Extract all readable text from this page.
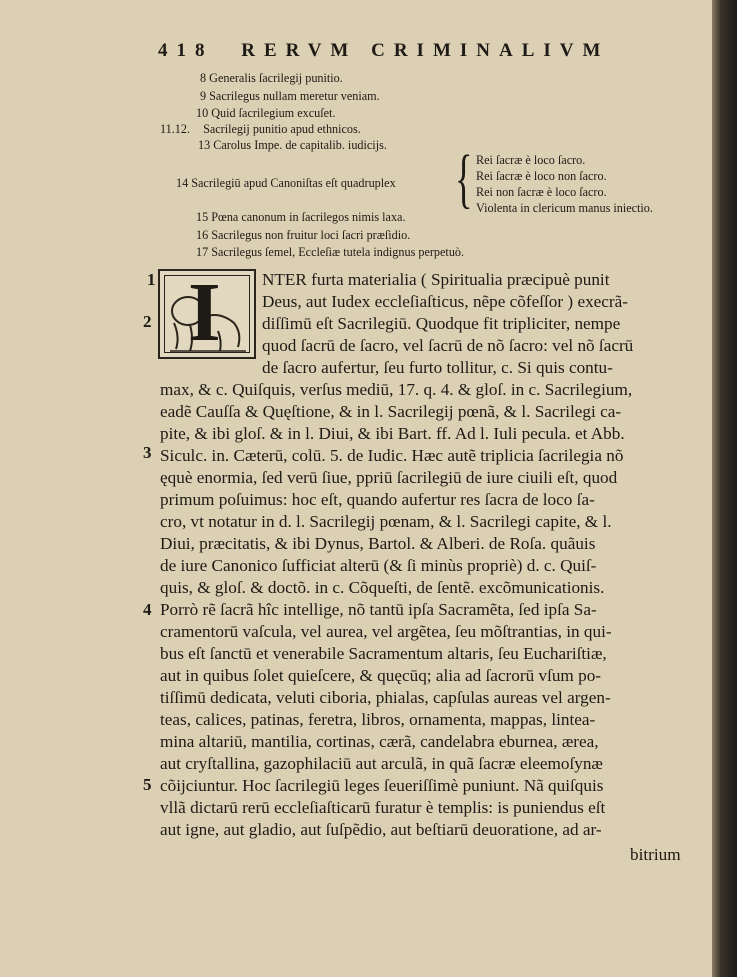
418 RERVM CRIMINALIVM
8 Generalis ſacrilegij punitio.
9 Sacrilegus nullam meretur veniam.
10 Quid ſacrilegium excuſet.
11.12. Sacrilegij punitio apud ethnicos.
13 Carolus Impe. de capitalib. iudicijs.
14 Sacrilegiū apud Canoniſtas eſt quadruplex { Rei ſacræ è loco ſacro.
Rei ſacræ è loco non ſacro.
Rei non ſacræ è loco ſacro.
Violenta in clericum manus iniectio.
15 Pœna canonum in ſacrilegos nimis laxa.
16 Sacrilegus non fruitur loci ſacri præſidio.
17 Sacrilegus ſemel, Eccleſiæ tutela indignus perpetuò.
I
1
2
3
4
5
NTER furta materialia ( Spiritualia præcipuè punit
Deus, aut Iudex eccleſiaſticus, nẽpe cõfeſſor ) execrã-
diſſimū eſt Sacrilegiū. Quodque fit tripliciter, nempe
quod ſacrū de ſacro, vel ſacrū de nõ ſacro: vel nõ ſacrū
de ſacro aufertur, ſeu furto tollitur, c. Si quis contu-
max, & c. Quiſquis, verſus mediū, 17. q. 4. & gloſ. in c. Sacrilegium,
eadẽ Cauſſa & Quęſtione, & in l. Sacrilegij pœnã, & l. Sacrilegi ca-
pite, & ibi gloſ. & in l. Diui, & ibi Bart. ff. Ad l. Iuli pecula. et Abb.
Siculc. in. Cæterū, colū. 5. de Iudic. Hæc autẽ triplicia ſacrilegia nõ
ęquè enormia, ſed verū ſiue, ppriū ſacrilegiū de iure ciuili eſt, quod
primum poſuimus: hoc eſt, quando aufertur res ſacra de loco ſa-
cro, vt notatur in d. l. Sacrilegij pœnam, & l. Sacrilegi capite, & l.
Diui, præcitatis, & ibi Dynus, Bartol. & Alberi. de Roſa. quãuis
de iure Canonico ſufficiat alterū (& ſi minùs propriè) d. c. Quiſ-
quis, & gloſ. & doctõ. in c. Cõqueſti, de ſentẽ. excõmunicationis.
Porrò rẽ ſacrã hîc intellige, nõ tantū ipſa Sacramẽta, ſed ipſa Sa-
cramentorū vaſcula, vel aurea, vel argẽtea, ſeu mõſtrantias, in qui-
bus eſt ſanctū et venerabile Sacramentum altaris, ſeu Euchariſtiæ,
aut in quibus ſolet quieſcere, & quęcūq; alia ad ſacrorū vſum po-
tiſſimū dedicata, veluti ciboria, phialas, capſulas aureas vel argen-
teas, calices, patinas, feretra, libros, ornamenta, mappas, lintea-
mina altariū, mantilia, cortinas, cærã, candelabra eburnea, ærea,
aut cryſtallina, gazophilaciū aut arculã, in quã ſacræ eleemoſynæ
cõijciuntur. Hoc ſacrilegiū leges ſeueriſſimè puniunt. Nã quiſquis
vllã dictarū rerū eccleſiaſticarū furatur è templis: is puniendus eſt
aut igne, aut gladio, aut ſuſpẽdio, aut beſtiarū deuoratione, ad ar-
bitrium
